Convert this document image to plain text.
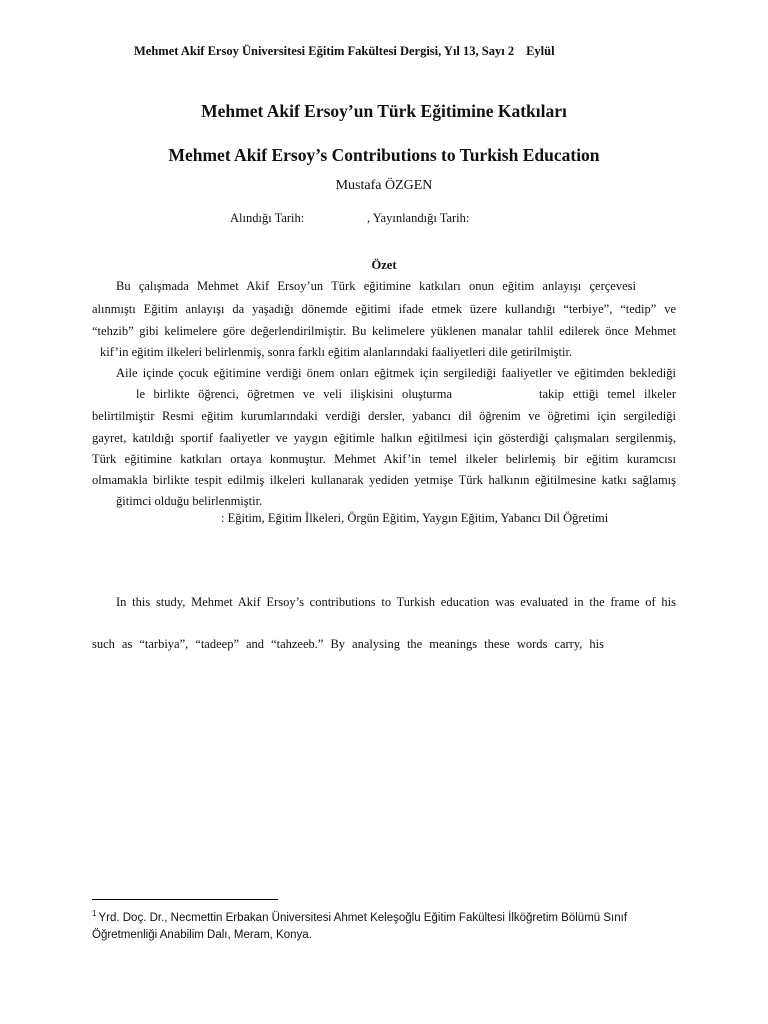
Mehmet Akif Ersoy Üniversitesi Eğitim Fakültesi Dergisi, Yıl 13, Sayı 2 Eylül
Mehmet Akif Ersoy’un Türk Eğitimine Katkıları
Mehmet Akif Ersoy’s Contributions to Turkish Education
Mustafa ÖZGEN
Alındığı Tarih:	, Yayınlandığı Tarih:
Özet
Bu çalışmada Mehmet Akif Ersoy’un Türk eğitimine katkıları onun eğitim anlayışı çerçevesi
alınmıştı Eğitim anlayışı da yaşadığı dönemde eğitimi ifade etmek üzere kullandığı “terbiye”, “tedip” ve
“tehzib” gibi kelimelere göre değerlendirilmiştir. Bu kelimelere yüklenen manalar tahlil edilerek önce Mehmet
kif’in eğitim ilkeleri belirlenmiş, sonra farklı eğitim alanlarındaki faaliyetleri dile getirilmiştir.
Aile içinde çocuk eğitimine verdiği önem onları eğitmek için sergilediği faaliyetler ve eğitimden beklediği
le birlikte öğrenci, öğretmen ve veli ilişkisini oluşturma	takip ettiği temel ilkeler
belirtilmiştir Resmi eğitim kurumlarındaki verdiği dersler, yabancı dil öğrenim ve öğretimi için sergilediği
gayret, katıldığı sportif faaliyetler ve yaygın eğitimle halkın eğitilmesi için gösterdiği çalışmaları sergilenmiş,
Türk eğitimine katkıları ortaya konmuştur. Mehmet Akif’in temel ilkeler belirlemiş bir eğitim kuramcısı
olmamakla birlikte tespit edilmiş ilkeleri kullanarak yediden yetmişe Türk halkının eğitilmesine katkı sağlamış
ğitimci olduğu belirlenmiştir.
: Eğitim, Eğitim İlkeleri, Örgün Eğitim, Yaygın Eğitim, Yabancı Dil Öğretimi
In this study, Mehmet Akif Ersoy’s contributions to Turkish education was evaluated in the frame of his
such as “tarbiya”, “tadeep” and “tahzeeb.” By analysing the meanings these words carry, his
$^1$ Yrd. Doç. Dr., Necmettin Erbakan Üniversitesi Ahmet Keleşoğlu Eğitim Fakültesi İlköğretim Bölümü Sınıf
Öğretmenliği Anabilim Dalı, Meram, Konya.
